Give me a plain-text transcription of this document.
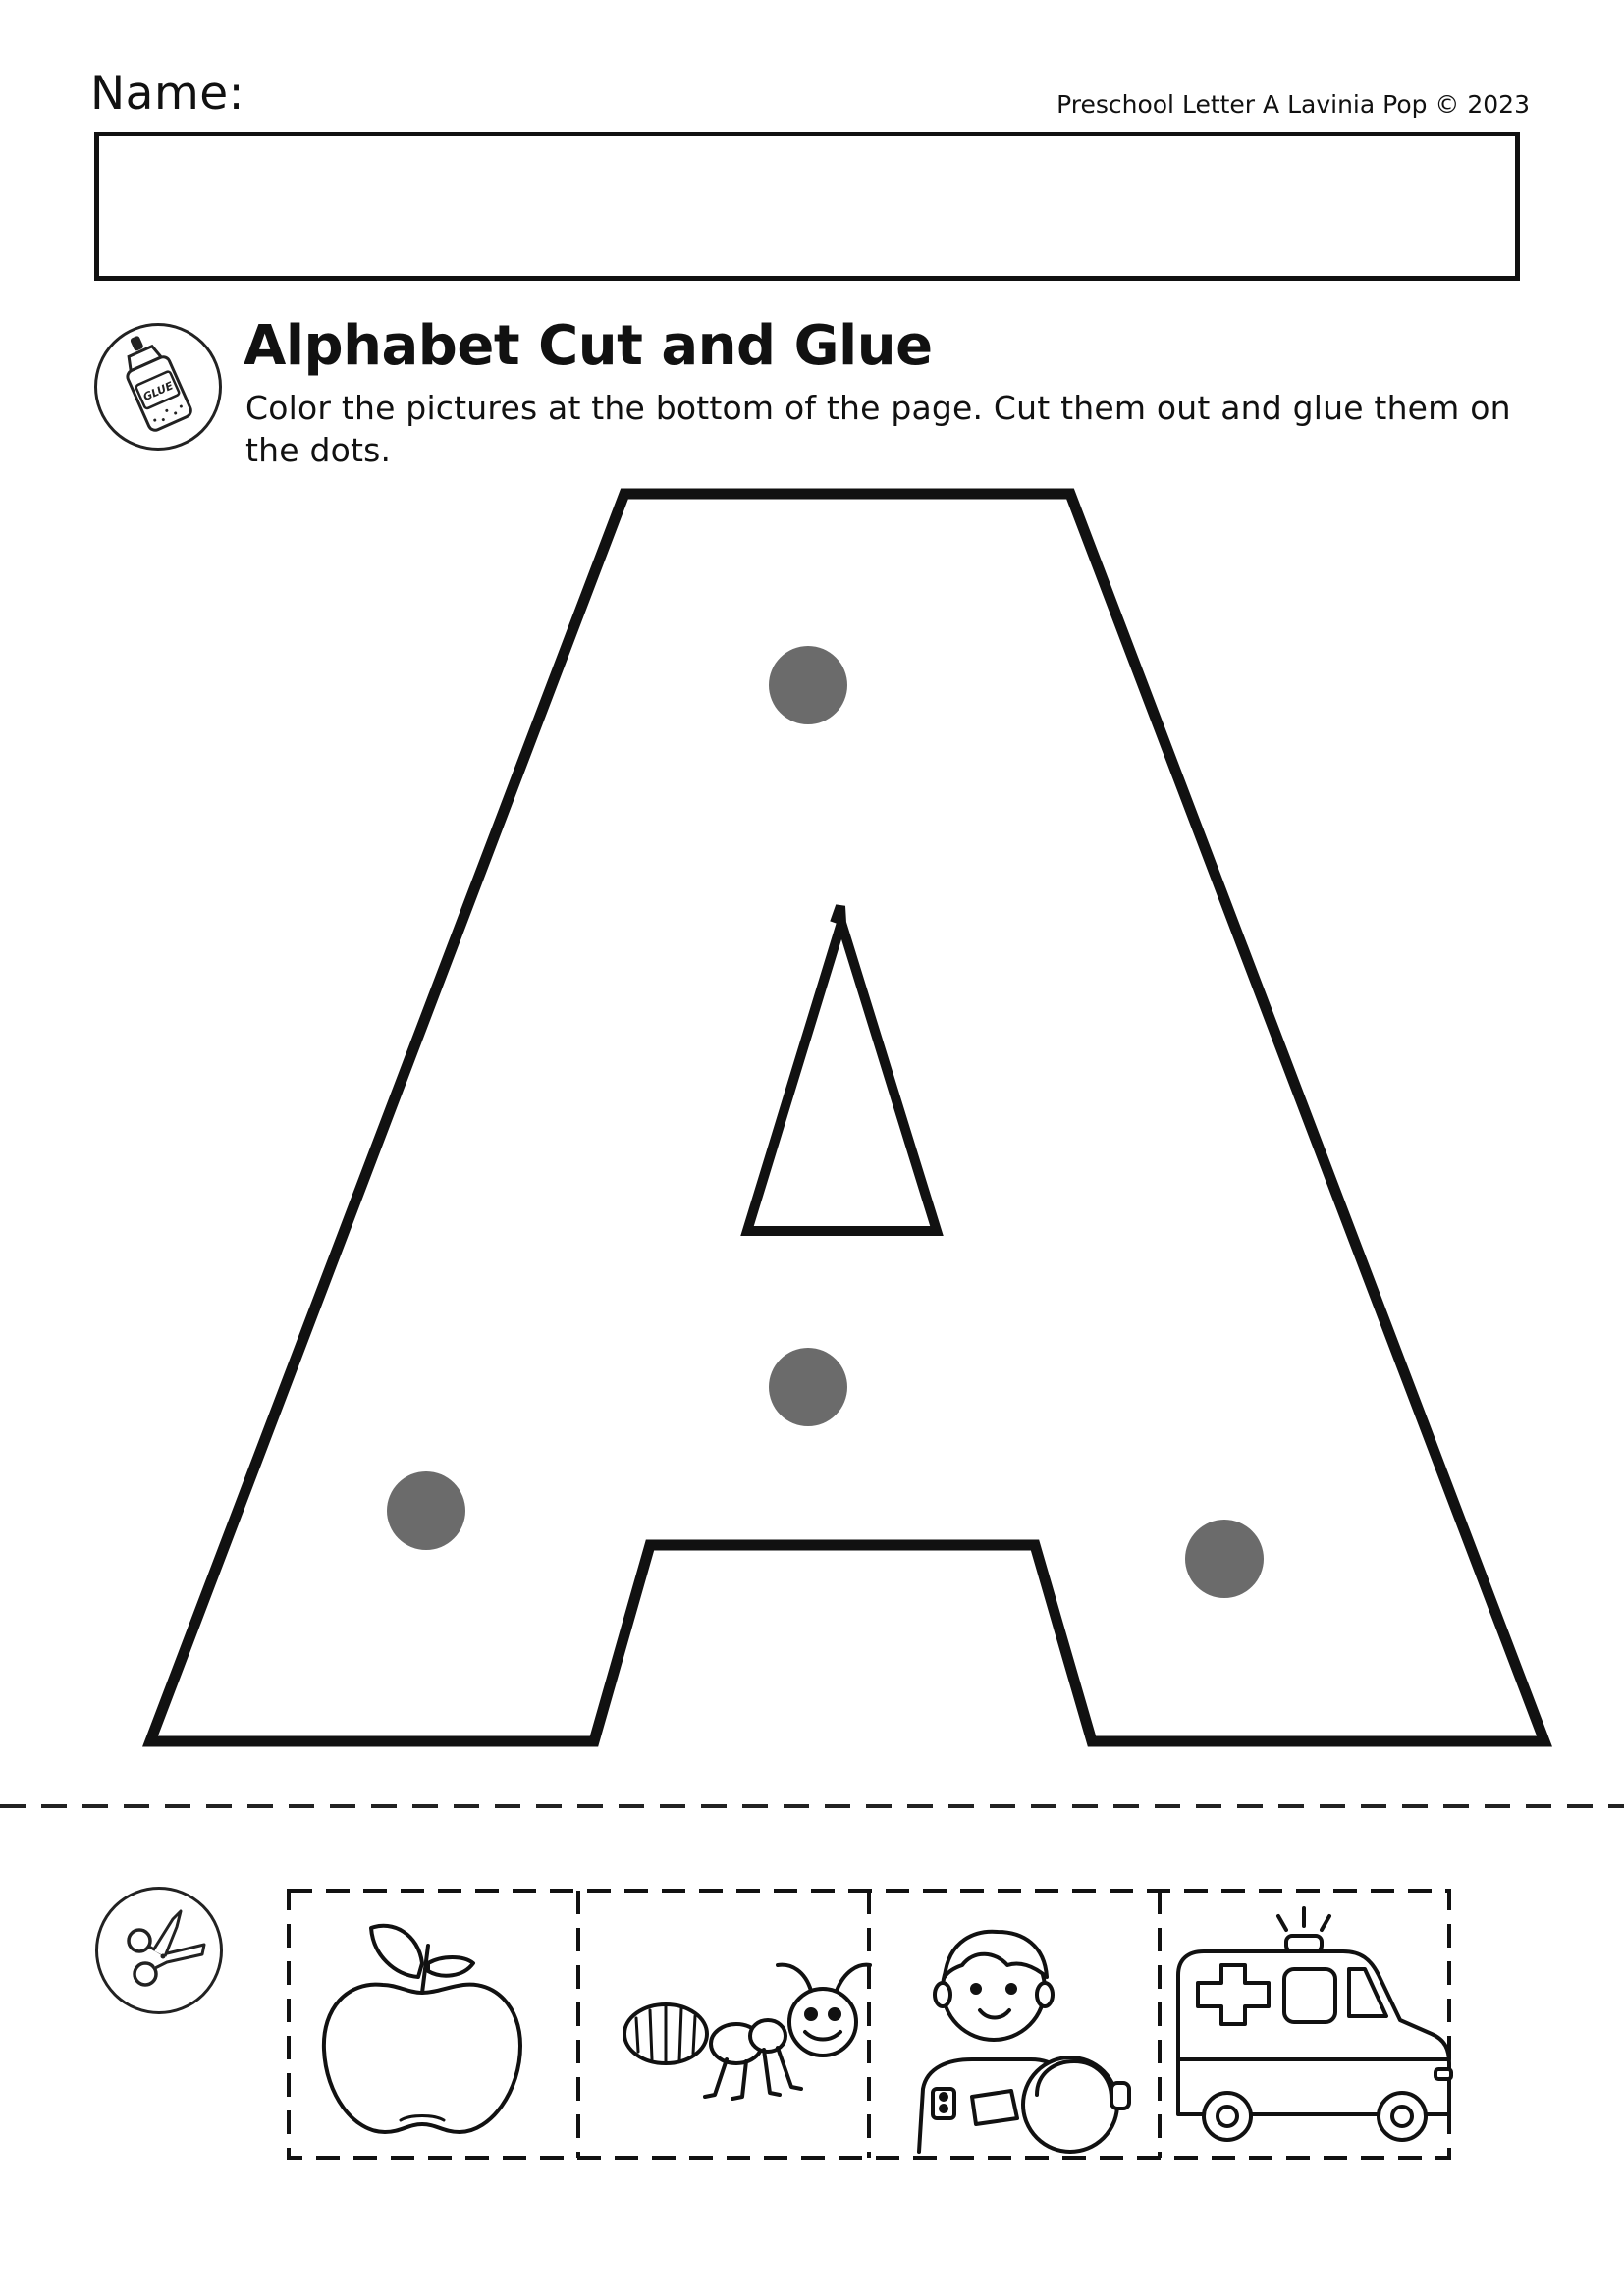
Name:	Preschool Letter A Lavinia Pop © 2023
GLUE
Alphabet Cut and Glue
Color the pictures at the bottom of the page. Cut them out and glue them on the dots.
